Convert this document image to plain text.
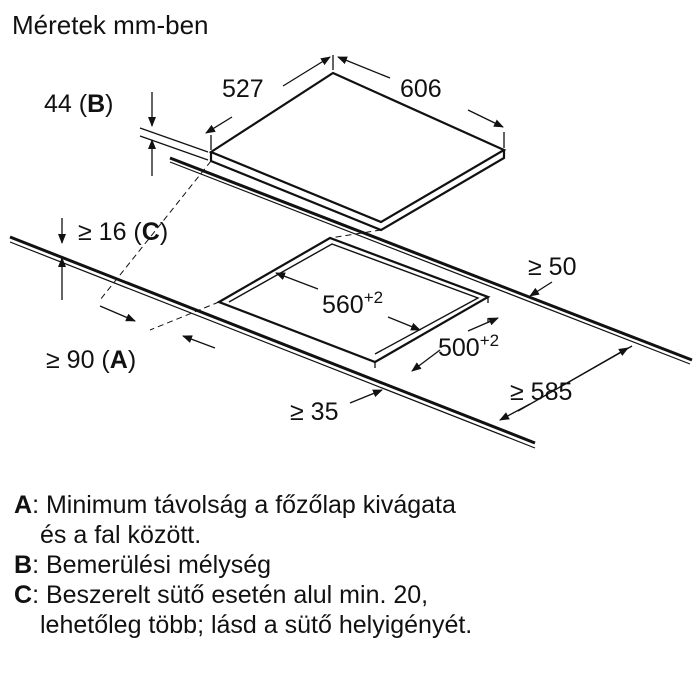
Méretek mm-ben
527	606
44 (B)
≥ 16 (C)
≥ 50
$560^{+2}$
$500^{+2}$
≥ 90 (A)
≥ 35
≥ 585
A : Minimum távolság a főzőlap kivágata
és a fal között.
B : Bemerülési mélység
C : Beszerelt sütő esetén alul min. 20,
lehetőleg több; lásd a sütő helyigényét.
